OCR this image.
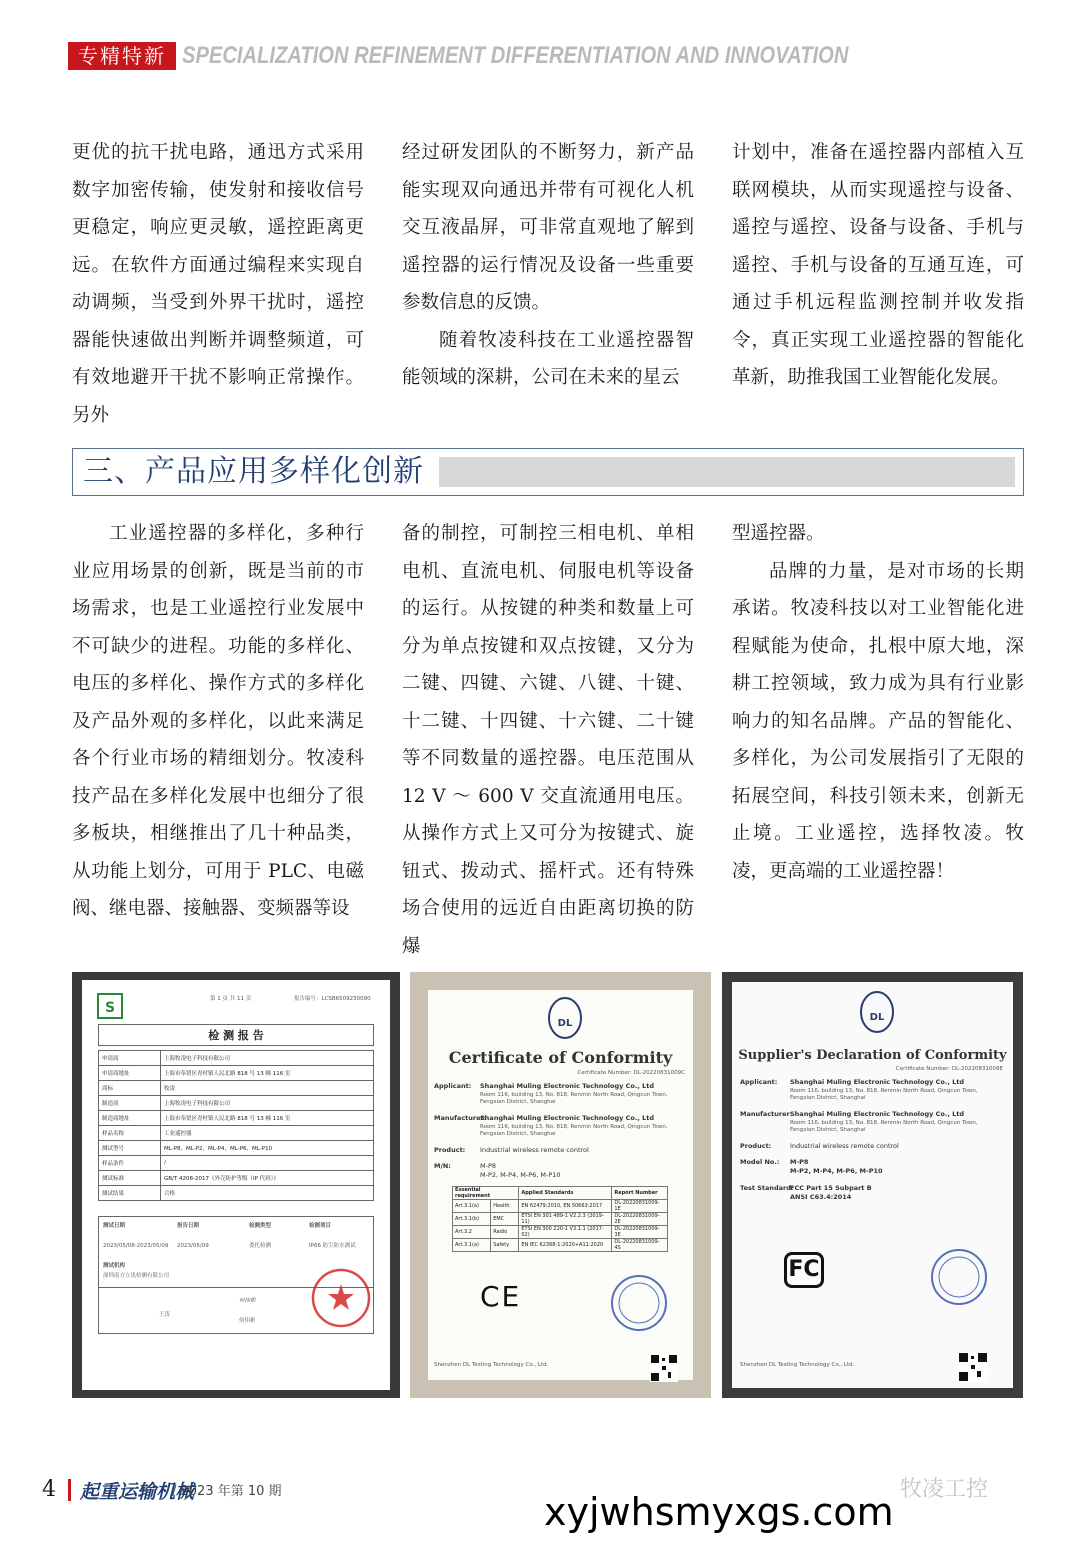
专精特新 SPECIALIZATION REFINEMENT DIFFERENTIATION AND INNOVATION

更优的抗干扰电路，通迅方式采用数字加密传输，使发射和接收信号更稳定，响应更灵敏，遥控距离更远。在软件方面通过编程来实现自动调频，当受到外界干扰时，遥控器能快速做出判断并调整频道，可有效地避开干扰不影响正常操作。另外

经过研发团队的不断努力，新产品能实现双向通迅并带有可视化人机交互液晶屏，可非常直观地了解到遥控器的运行情况及设备一些重要参数信息的反馈。

随着牧凌科技在工业遥控器智能领域的深耕，公司在未来的星云

计划中，准备在遥控器内部植入互联网模块，从而实现遥控与设备、遥控与遥控、设备与设备、手机与遥控、手机与设备的互通互连，可通过手机远程监测控制并收发指令，真正实现工业遥控器的智能化革新，助推我国工业智能化发展。

三、产品应用多样化创新

工业遥控器的多样化，多种行业应用场景的创新，既是当前的市场需求，也是工业遥控行业发展中不可缺少的进程。功能的多样化、电压的多样化、操作方式的多样化及产品外观的多样化，以此来满足各个行业市场的精细划分。牧凌科技产品在多样化发展中也细分了很多板块，相继推出了几十种品类，从功能上划分，可用于 PLC、电磁阀、继电器、接触器、变频器等设

备的制控，可制控三相电机、单相电机、直流电机、伺服电机等设备的运行。从按键的种类和数量上可分为单点按键和双点按键，又分为二键、四键、六键、八键、十键、十二键、十四键、十六键、二十键等不同数量的遥控器。电压范围从 12 V ～ 600 V 交直流通用电压。从操作方式上又可分为按键式、旋钮式、拨动式、摇杆式。还有特殊场合使用的远近自由距离切换的防爆

型遥控器。

品牌的力量，是对市场的长期承诺。牧凌科技以对工业智能化进程赋能为使命，扎根中原大地，深耕工控领域，致力成为具有行业影响力的知名品牌。产品的智能化、多样化，为公司发展指引了无限的拓展空间，科技引领未来，创新无止境。工业遥控，选择牧凌。牧凌，更高端的工业遥控器！

S
第 1 页 共 11 页	报告编号：LCSB6509230090
检 测 报 告
申请商	上海牧凌电子科技有限公司
申请商地址	上海市奉贤区青村镇人民北路 818 号 13 幢 116 室
商标	牧凌
制造商	上海牧凌电子科技有限公司
制造商地址	上海市奉贤区青村镇人民北路 818 号 13 幢 116 室
样品名称	工业遥控器
测试型号	ML-P8，ML-P2，ML-P4，ML-P6，ML-P10
样品条件	/
测试标准	GB/T 4208-2017《外壳防护等级（IP 代码）》
测试结果	合格
测试日期
2023/05/08-2023/05/09
报告日期
2023/05/09
检测类型
委托检测
检测项目
IP66 防尘防水测试
测试机构
深圳南方立讯检测有限公司
王涛
何伟彬
何伟彬
DL
Certificate of Conformity
Certificate Number: DL-20220831009C
Applicant: Shanghai Muling Electronic Technology Co., Ltd
Room 116, building 13, No. 818, Renmin North Road, Qingcun Town, Fengxian District, Shanghai
Manufacturer:
Shanghai Muling Electronic Technology Co., Ltd
Room 116, building 13, No. 818, Renmin North Road, Qingcun Town, Fengxian District, Shanghai
Product: Industrial wireless remote control
M/N:	M-P8
M-P2, M-P4, M-P6, M-P10
Essential requirement		Applied Standards	Report Number
Art.3.1(a)	Health	EN 62479:2010, EN 50663:2017	DL-20220831009-1E
Art.3.1(b)	EMC	ETSI EN 301 489-1 V2.2.3 (2019-11)	DL-20220831009-2E
Art.3.2	Radio	ETSI EN 300 220-1 V3.1.1 (2017-02)	DL-20220831009-3E
Art.3.1(a)	Safety	EN IEC 62368-1:2020+A11:2020	DL-20220831009-4S
CE
Shenzhen DL Testing Technology Co., Ltd.
DL
Supplier's Declaration of Conformity
Certificate Number: DL-20220831009E
Applicant: Shanghai Muling Electronic Technology Co., Ltd
Room 116, building 13, No. 818, Renmin North Road, Qingcun Town, Fengxian District, Shanghai
Manufacturer:
Shanghai Muling Electronic Technology Co., Ltd
Room 116, building 13, No. 818, Renmin North Road, Qingcun Town, Fengxian District, Shanghai
Product:	Industrial wireless remote control
Model No.: M-P8
M-P2, M-P4, M-P6, M-P10
Test Standard:
FCC Part 15 Subpart B
ANSI C63.4:2014
FC
Shenzhen DL Testing Technology Co., Ltd.
4 起重运输机械
/ 2023 年第 10 期	牧凌工控
xyjwhsmyxgs.com
